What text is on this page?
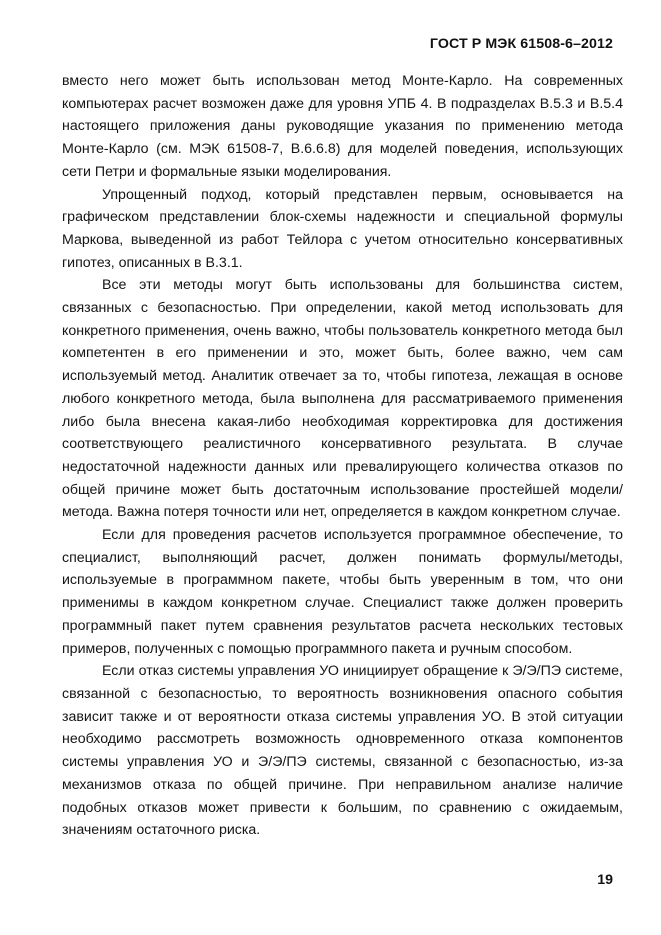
ГОСТ Р МЭК 61508-6–2012

вместо него может быть использован метод Монте-Карло. На современных компьютерах расчет возможен даже для уровня УПБ 4. В подразделах В.5.3 и В.5.4 настоящего приложения даны руководящие указания по применению метода Монте-Карло (см. МЭК 61508-7, В.6.6.8) для моделей поведения, использующих сети Петри и формальные языки моделирования.

Упрощенный подход, который представлен первым, основывается на графическом представлении блок-схемы надежности и специальной формулы Маркова, выведенной из работ Тейлора с учетом относительно консервативных гипотез, описанных в В.3.1.

Все эти методы могут быть использованы для большинства систем, связанных с безопасностью. При определении, какой метод использовать для конкретного применения, очень важно, чтобы пользователь конкретного метода был компетентен в его применении и это, может быть, более важно, чем сам используемый метод. Аналитик отвечает за то, чтобы гипотеза, лежащая в основе любого конкретного метода, была выполнена для рассматриваемого применения либо была внесена какая-либо необходимая корректировка для достижения соответствующего реалистичного консервативного результата. В случае недостаточной надежности данных или превалирующего количества отказов по общей причине может быть достаточным использование простейшей модели/метода. Важна потеря точности или нет, определяется в каждом конкретном случае.

Если для проведения расчетов используется программное обеспечение, то специалист, выполняющий расчет, должен понимать формулы/методы, используемые в программном пакете, чтобы быть уверенным в том, что они применимы в каждом конкретном случае. Специалист также должен проверить программный пакет путем сравнения результатов расчета нескольких тестовых примеров, полученных с помощью программного пакета и ручным способом.

Если отказ системы управления УО инициирует обращение к Э/Э/ПЭ системе, связанной с безопасностью, то вероятность возникновения опасного события зависит также и от вероятности отказа системы управления УО. В этой ситуации необходимо рассмотреть возможность одновременного отказа компонентов системы управления УО и Э/Э/ПЭ системы, связанной с безопасностью, из-за механизмов отказа по общей причине. При неправильном анализе наличие подобных отказов может привести к большим, по сравнению с ожидаемым, значениям остаточного риска.

19
